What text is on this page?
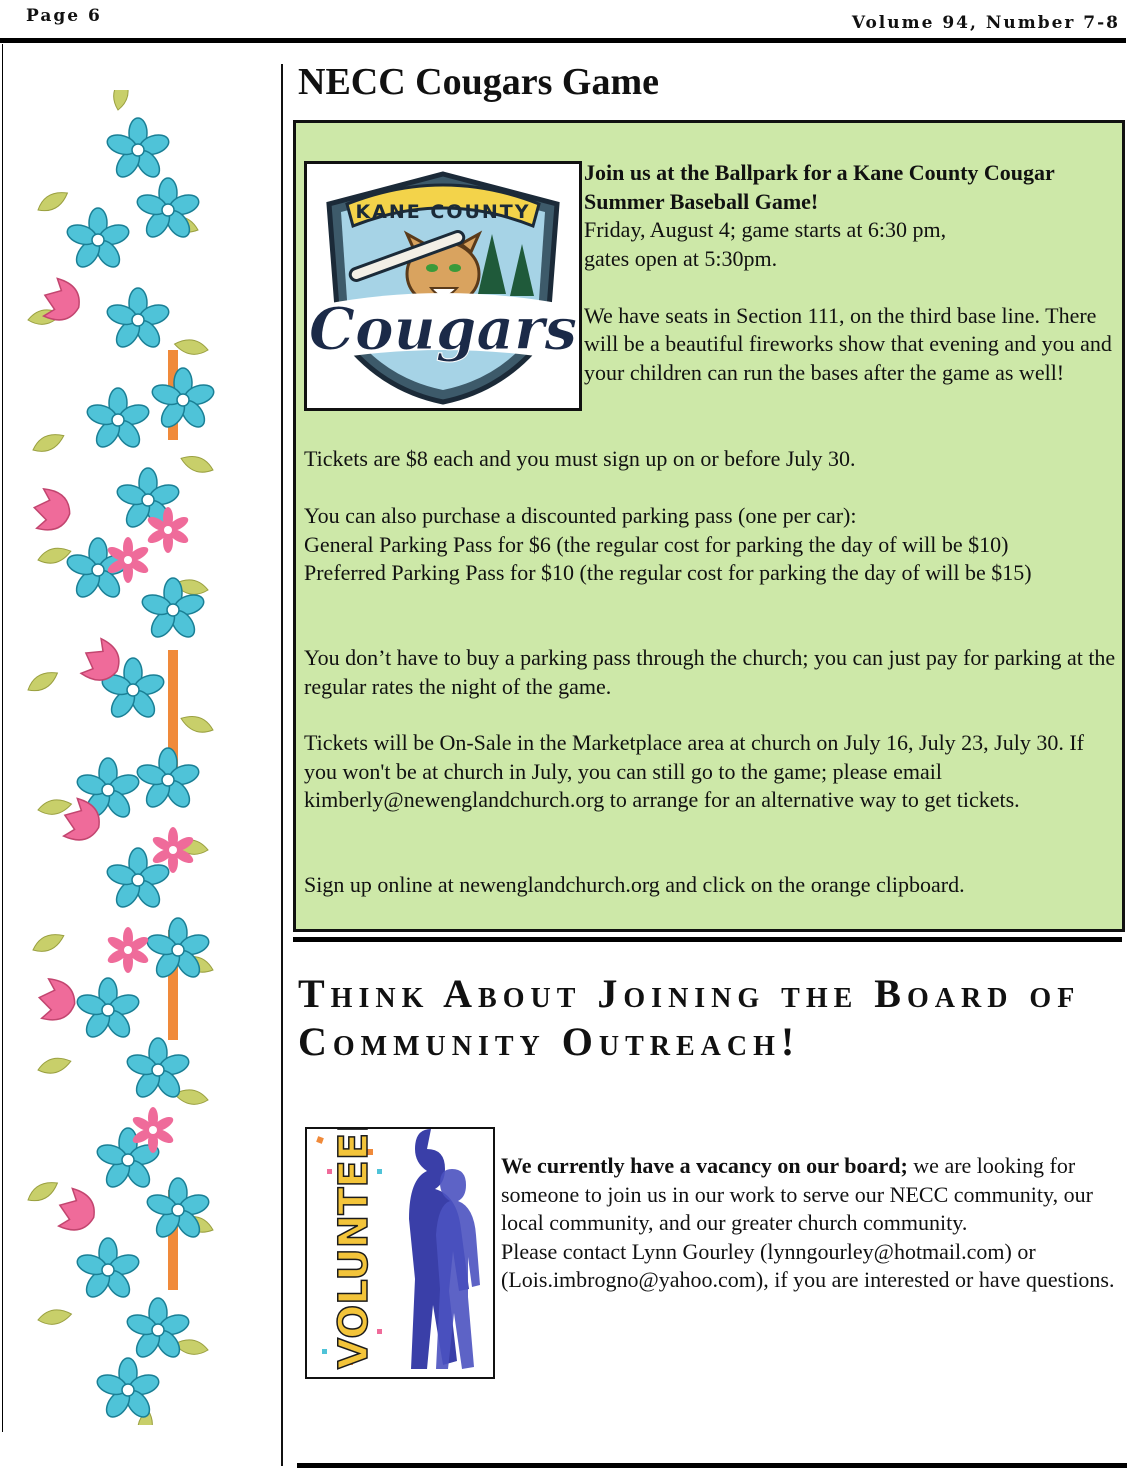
Page 6	Volume 94, Number 7-8
NECC Cougars Game
KANE COUNTY
Cougars
Join us at the Ballpark for a Kane County Cougar Summer Baseball Game!
Friday, August 4; game starts at 6:30 pm,
gates open at 5:30pm.

We have seats in Section 111, on the third base line. There will be a beautiful fireworks show that evening and you and your children can run the bases after the game as well!
Tickets are $8 each and you must sign up on or before July 30.
You can also purchase a discounted parking pass (one per car):
General Parking Pass for $6 (the regular cost for parking the day of will be $10)
Preferred Parking Pass for $10 (the regular cost for parking the day of will be $15)
You don’t have to buy a parking pass through the church; you can just pay for parking at the regular rates the night of the game.
Tickets will be On-Sale in the Marketplace area at church on July 16, July 23, July 30. If you won't be at church in July, you can still go to the game; please email kimberly@newenglandchurch.org to arrange for an alternative way to get tickets.
Sign up online at newenglandchurch.org and click on the orange clipboard.
Think About Joining the Board of Community Outreach!
VOLUNTEER	We currently have a vacancy on our board; we are looking for someone to join us in our work to serve our NECC community, our local community, and our greater church community.
Please contact Lynn Gourley (lynngourley@hotmail.com) or (Lois.imbrogno@yahoo.com), if you are interested or have questions.
